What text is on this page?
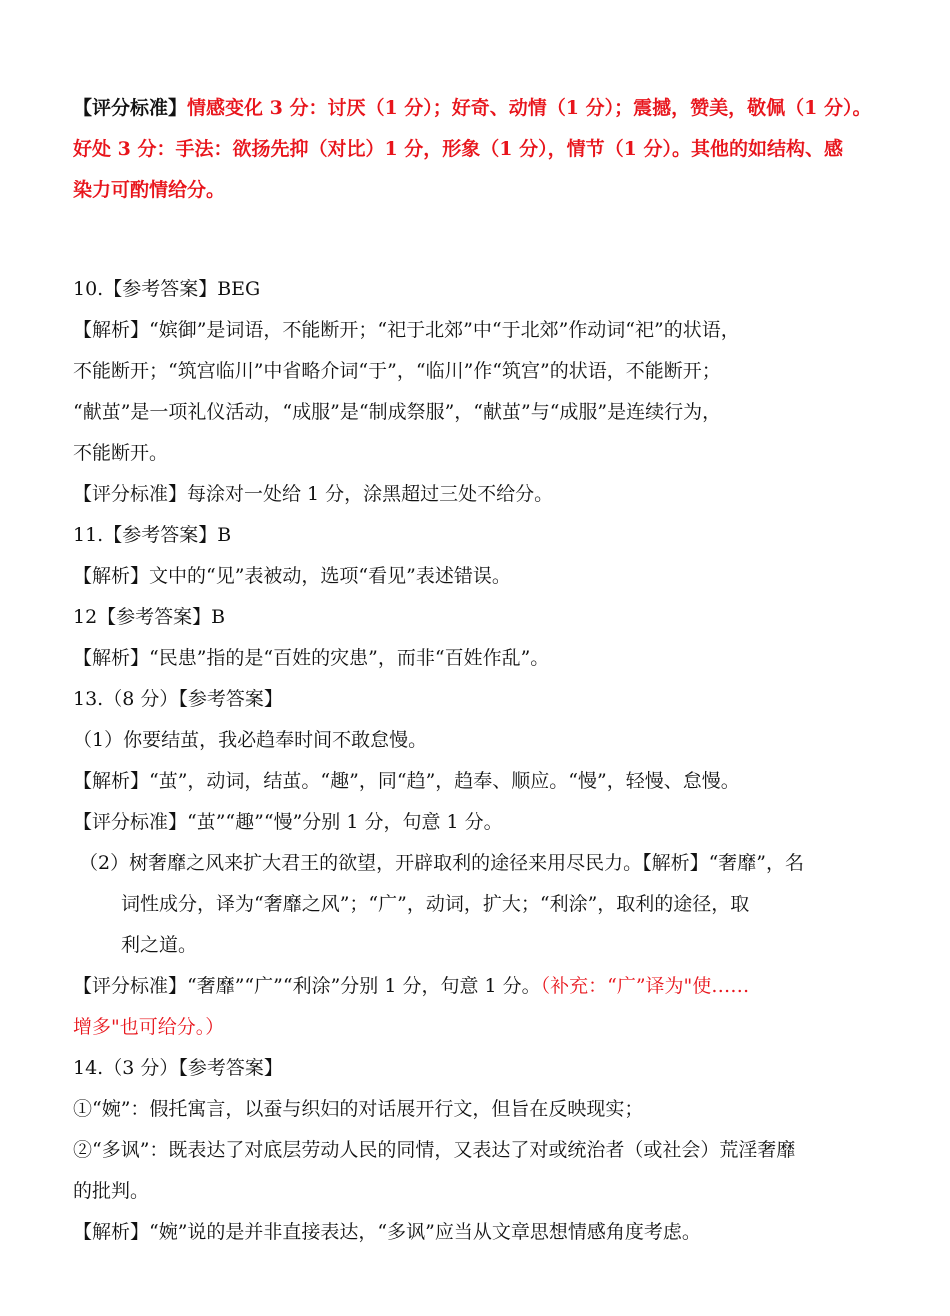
【评分标准】情感变化 3 分：讨厌（1 分）；好奇、动情（1 分）；震撼，赞美，敬佩（1 分）。
好处 3 分：手法：欲扬先抑（对比）1 分，形象（1 分），情节（1 分）。其他的如结构、感
染力可酌情给分。
10.【参考答案】BEG
【解析】“嫔御”是词语，不能断开；“祀于北郊”中“于北郊”作动词“祀”的状语，
不能断开；“筑宫临川”中省略介词“于”，“临川”作“筑宫”的状语，不能断开；
“献茧”是一项礼仪活动，“成服”是“制成祭服”，“献茧”与“成服”是连续行为，
不能断开。
【评分标准】每涂对一处给 1 分，涂黑超过三处不给分。
11.【参考答案】B
【解析】文中的“见”表被动，选项“看见”表述错误。
12【参考答案】B
【解析】“民患”指的是“百姓的灾患”，而非“百姓作乱”。
13.（8 分）【参考答案】
（1）你要结茧，我必趋奉时间不敢怠慢。
【解析】“茧”，动词，结茧。“趣”，同“趋”，趋奉、顺应。“慢”，轻慢、怠慢。
【评分标准】“茧”“趣”“慢”分别 1 分，句意 1 分。
（2）树奢靡之风来扩大君王的欲望，开辟取利的途径来用尽民力。【解析】“奢靡”，名
词性成分，译为“奢靡之风”；“广”，动词，扩大；“利涂”，取利的途径，取
利之道。
【评分标准】“奢靡”“广”“利涂”分别 1 分，句意 1 分。（补充：“广”译为"使……
增多"也可给分。）
14.（3 分）【参考答案】
①“婉”：假托寓言，以蚕与织妇的对话展开行文，但旨在反映现实；
②“多讽”：既表达了对底层劳动人民的同情，又表达了对或统治者（或社会）荒淫奢靡
的批判。
【解析】“婉”说的是并非直接表达，“多讽”应当从文章思想情感角度考虑。
